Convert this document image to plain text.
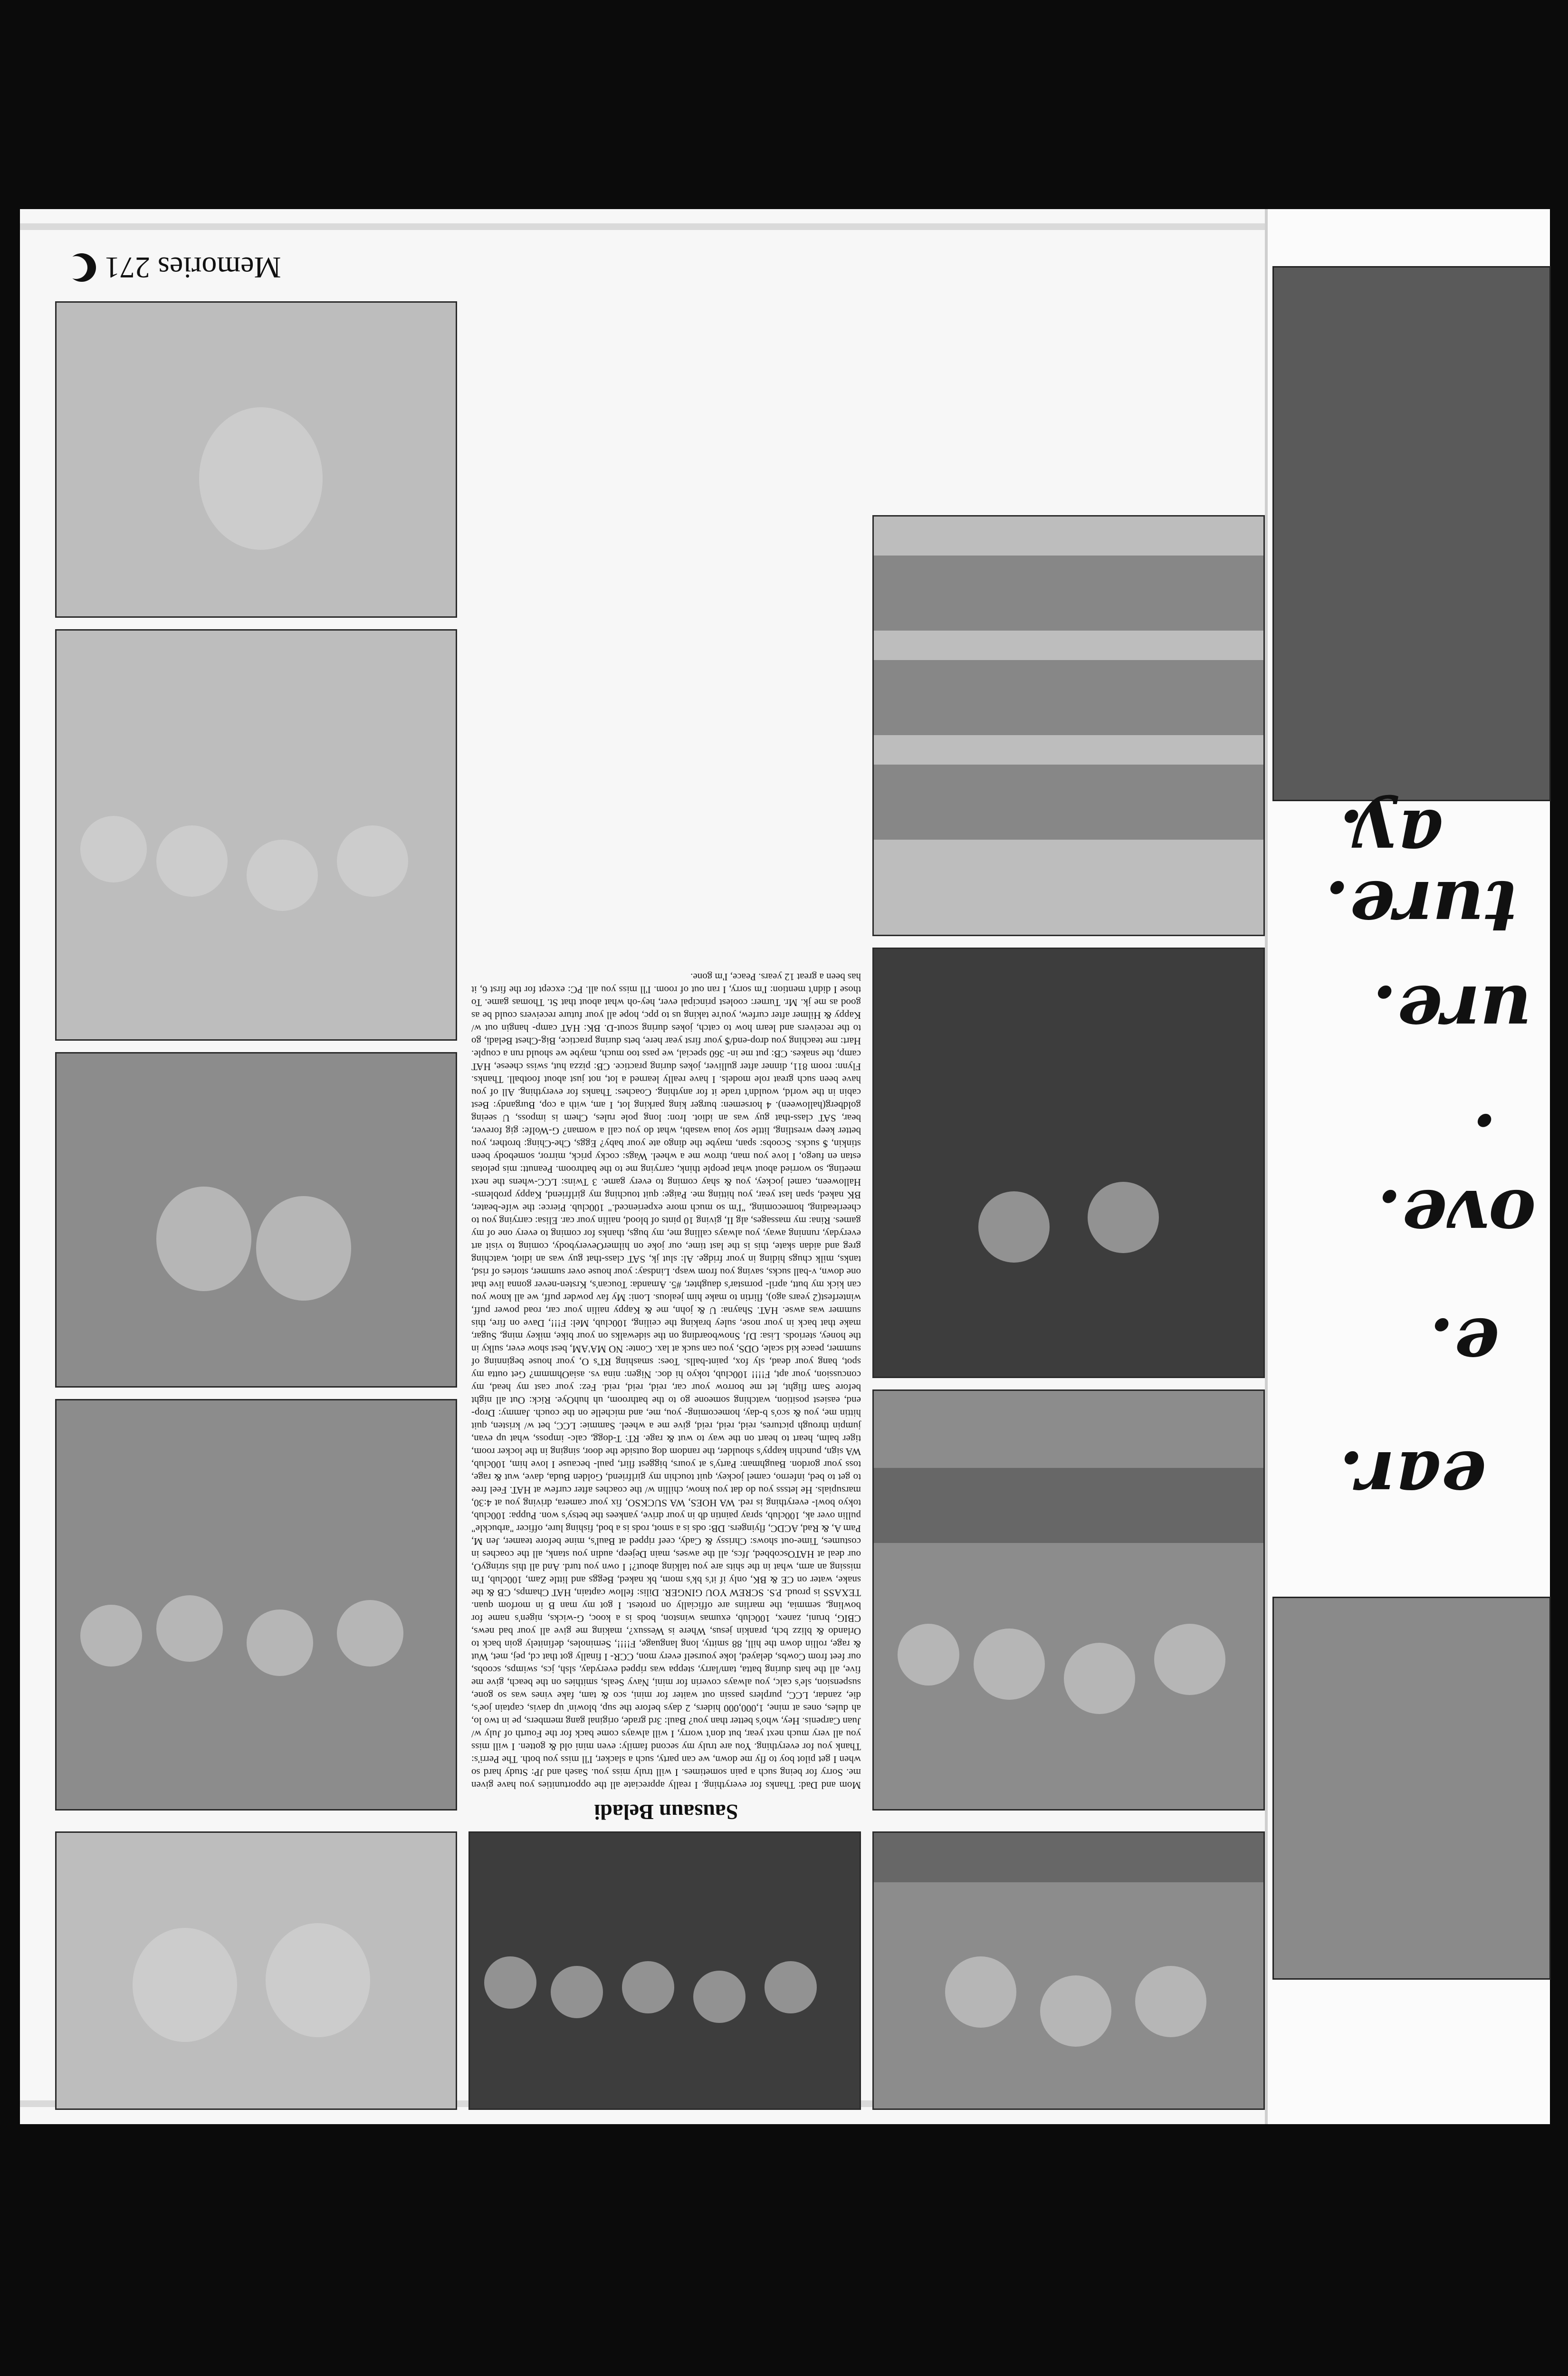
Memories 271
Sausaun Beladi
Mom and Dad: Thanks for everything. I really appreciate all the opportunities you have given me. Sorry for being such a pain sometimes. I will truly miss you. Saseh and JP: Study hard so when I get pilot boy to fly me down, we can party, such a slacker, I'll miss you both. The Perri's: Thank you for everything. You are truly my second family: even mini old & gotten. I will miss you all very much next year, but don't worry, I will always come back for the Fourth of July w/ Juan Carpenis. Hey, who's better than you? Baul: 3rd grade, original gang members, pe in two lo, ah dules, ones at mine, 1,000,000 hiders, 2 days before the sup, blowin' up davis, captain joe's, die, zandar, LCC, purplers passin out waiter for mini, sco & tam, fake vines was so gone, suspension, sle's calc, you always coverin for mini, Navy Seals, smithies on the beach, give me five, all the hats during batta, tam/larry, steppa was ripped everyday, slsh, jcs, swimps, scoobs, our feet from Cowbs, delayed, loke yourself every mon, CCR- I finally got that cd, pej, met, Wut & rage, rollin down the hill, 88 smitty, long language, F!!!!, Seminoles, definitely goin back to Orlando & blizz bch, prankin jesus, Where is Wessux?, making me give all your bad news, CBIG, bruni, zanex, 100club, exumas winston, bods is a kooc, G-wicks, nigen's name for bowling, semmia, the marlins are officially on protest. I got my man B in morfom quan. TEXASS is proud. P.S. SCREW YOU GINGER. Dilis: fellow captain, HAT Champs, CB & the snake, water on CE & BK, only if it's bk's mom, bk naked, Beggs and little Zam, 100club, I'm missing an arm, what in the shits are you talking about?! I own you turd. And all this stringyO, our deal at HATOscobbed, Jfcs, all the awses, main Dejeep, audin you stank, all the coaches in costumes, Time-out shows: Chrissy & Cady, ceef ripped at Baul's, mine before teamer, Jen M, Pam A, & Rad, ACDC, flyingers. DB: ods is a smot, rods is a bod, fishing lure, officer "arbuckle" pullin over ak, 100club, spray paintin db in your drive, yankees the betsy's won. Puppa: 100club, tokyo bowl- everything is red. WA HOES, WA SUCKSO, fix your camera, driving you at 4:30, marsupials. He letsss you do dat you know, chillin w/ the coaches after curfew at HAT. Feel free to get to bed, inferno, camel jockey, quit touchin my girlfriend, Golden Buda, dave, wut & rage, toss your gordon. Baughman: Party's at yours, biggest flirt, paul- because I love him, 100club, WA sign, punchin kappy's shoulder, the random dog outside the door, singing in the locker room, tiger balm, heart to heart on the way to wut & rage. RT: T-dogg, calc- imposs, what up evan, jumpin through pictures, reid, reid, reid, give me a wheel. Sammie: LCC, bet w/ kristen, quit hittin me, you & sco's b-day, homecoming- you, me, and michelle on the couch. Jammy: Drop-end, easiest position, watching someone go to the bathroom, uh huhOye. Rick: Out all night before Sam flight, let me borrow your car, reid, reid, reid. Fez: your cast my head, my concussion, your apt, F!!!! 100club, tokyo hi doc. Nigen: nina vs. asiaOhmmm? Get outta my spot, bang your dead, sly fox, paint-balls. Toes: smashing RT's O, your house beginning of summer, peace kid scale, ODS, you can suck at lax. Conte: NO MA'AM, best show ever, sulky in the honey, steriods. Lisa: DJ, Snowboarding on the sidewalks on your bike, mikey ming, Sugar, make that back in your nose, suley braking the ceiling, 100club, Mel: F!!!, Dave on fire, this summer was awse. HAT. Shayna: U & john, me & Kappy nailin your car, road power puff, winterfest(2 years ago), flirtin to make him jealous. Loni: My fav powder puff, we all know you can kick my butt, april- pornstar's daughter, #5. Amanda: Toucan's, Krsten-never gonna live that one down, v-ball sucks, saving you from wasp. Lindsay: your house over summer, stories of risd, tanks, milk chugs hiding in your fridge. Al: slut jk, SAT class-that guy was an idiot, watching greg and aidan skate, this is the last time, our joke on hilmerOeverybody, coming to visit art everyday, running away, you always calling me, my bugs, thanks for coming to every one of my games. Rina: my massages, alg II, giving 10 pints of blood, nailin your car. Elisa: carrying you to cheerleading, homecoming, "I'm so much more experienced." 100club. Pierce: the wife-beater, BK naked, span last year, you hitting me. Paige: quit touching my girlfriend, Kappy problems-Halloween, camel jockey, you & shay coming to every game. 3 Twins: LCC-whens the next meeting, so worried about what people think, carrying me to the bathroom. Peanutt: mis pelotas estan en fuego, I love you man, throw me a wheel. Wags: cocky prick, mirror, somebody been stinkin, $ sucks. Scoobs: span, maybe the dingo ate your baby? Eggs, Che-Ching: brother, you better keep wrestling, little soy loua wasabi, what do you call a woman? G-Wolfe: gig forever, bear, SAT class-that guy was an idiot. Iron: long pole rules, Chem is imposs, U seeing goldberg(halloween). 4 horsemen: burger king parking lot, I am, with a cop, Burgandy: Best cabin in the world, wouldn't trade it for anything. Coaches: Thanks for everything. All of you have been such great role models. I have really learned a lot, not just about football. Thanks. Flynn: room 811, dinner after gulliver, jokes during practice. CB: pizza hut, swiss cheese, HAT camp, the snakes. CB: put me in- 360 special, we pass too much, maybe we should run a couple. Hart: me teaching you drop-end/$ your first year here, bets during practice, Big-Chest Beladi, go to the receivers and learn how to catch, jokes during scout-D. BK: HAT camp- hangin out w/ Kappy & Hilmer after curfew, you're taking us to ppc, hope all your future receivers could be as good as me jk. Mr. Turner: coolest principal ever, hey-oh what about that St. Thomas game. To those I didn't mention: I'm sorry, I ran out of room. I'll miss you all. PC: except for the first 6, it has been a great 12 years. Peace, I'm gone.
ear.
e.
ove.
.
ure.
ture.
ay.
